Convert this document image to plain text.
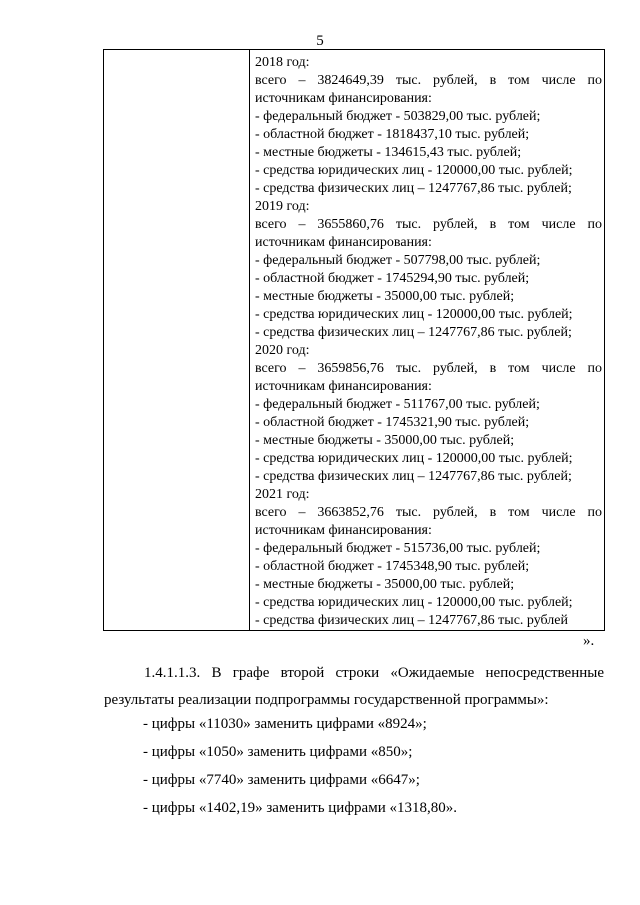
5
2018 год:
всего – 3824649,39 тыс. рублей, в том числе по
источникам финансирования:
- федеральный бюджет - 503829,00 тыс. рублей;
- областной бюджет - 1818437,10 тыс. рублей;
- местные бюджеты - 134615,43 тыс. рублей;
- средства юридических лиц - 120000,00 тыс. рублей;
- средства физических лиц – 1247767,86 тыс. рублей;
2019 год:
всего – 3655860,76 тыс. рублей, в том числе по
источникам финансирования:
- федеральный бюджет - 507798,00 тыс. рублей;
- областной бюджет - 1745294,90 тыс. рублей;
- местные бюджеты - 35000,00 тыс. рублей;
- средства юридических лиц - 120000,00 тыс. рублей;
- средства физических лиц – 1247767,86 тыс. рублей;
2020 год:
всего – 3659856,76 тыс. рублей, в том числе по
источникам финансирования:
- федеральный бюджет - 511767,00 тыс. рублей;
- областной бюджет - 1745321,90 тыс. рублей;
- местные бюджеты - 35000,00 тыс. рублей;
- средства юридических лиц - 120000,00 тыс. рублей;
- средства физических лиц – 1247767,86 тыс. рублей;
2021 год:
всего – 3663852,76 тыс. рублей, в том числе по
источникам финансирования:
- федеральный бюджет - 515736,00 тыс. рублей;
- областной бюджет - 1745348,90 тыс. рублей;
- местные бюджеты - 35000,00 тыс. рублей;
- средства юридических лиц - 120000,00 тыс. рублей;
- средства физических лиц – 1247767,86 тыс. рублей
».
1.4.1.1.3. В графе второй строки «Ожидаемые непосредственные
результаты реализации подпрограммы государственной программы»:
- цифры «11030» заменить цифрами «8924»;
- цифры «1050» заменить цифрами «850»;
- цифры «7740» заменить цифрами «6647»;
- цифры «1402,19» заменить цифрами «1318,80».
